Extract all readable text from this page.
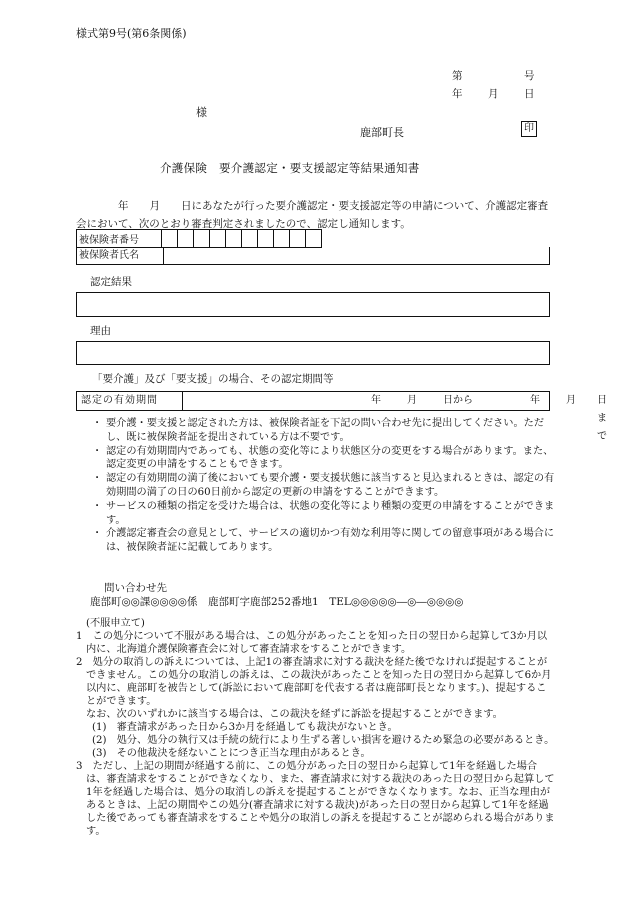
様式第9号(第6条関係)
第	号
年 月 日
様
鹿部町長	印
介護保険　要介護認定・要支援認定等結果通知書
　　　　年　　月　　日にあなたが行った要介護認定・要支援認定等の申請について、介護認定審査会において、次のとおり審査判定されましたので、認定し通知します。
被保険者番号										
被保険者氏名
認定結果
理由
「要介護」及び「要支援」の場合、その認定期間等
認定の有効期間	年	月	日から	年	月 日まで
・ 要介護・要支援と認定された方は、被保険者証を下記の問い合わせ先に提出してください。ただし、既に被保険者証を提出されている方は不要です。
・ 認定の有効期間内であっても、状態の変化等により状態区分の変更をする場合があります。また、認定変更の申請をすることもできます。
・ 認定の有効期間の満了後においても要介護・要支援状態に該当すると見込まれるときは、認定の有効期間の満了の日の60日前から認定の更新の申請をすることができます。
・ サービスの種類の指定を受けた場合は、状態の変化等により種類の変更の申請をすることができます。
・ 介護認定審査会の意見として、サービスの適切かつ有効な利用等に関しての留意事項がある場合には、被保険者証に記載してあります。
問い合わせ先
鹿部町◎◎課◎◎◎◎係　鹿部町字鹿部252番地1　TEL◎◎◎◎◎―◎―◎◎◎◎

(不服申立て)

1　この処分について不服がある場合は、この処分があったことを知った日の翌日から起算して3か月以内に、北海道介護保険審査会に対して審査請求をすることができます。

2　処分の取消しの訴えについては、上記1の審査請求に対する裁決を経た後でなければ提起することができません。この処分の取消しの訴えは、この裁決があったことを知った日の翌日から起算して6か月以内に、鹿部町を被告として(訴訟において鹿部町を代表する者は鹿部町長となります。)、提起することができます。

なお、次のいずれかに該当する場合は、この裁決を経ずに訴訟を提起することができます。

(1)　審査請求があった日から3か月を経過しても裁決がないとき。

(2)　処分、処分の執行又は手続の続行により生ずる著しい損害を避けるため緊急の必要があるとき。

(3)　その他裁決を経ないことにつき正当な理由があるとき。

3　ただし、上記の期間が経過する前に、この処分があった日の翌日から起算して1年を経過した場合は、審査請求をすることができなくなり、また、審査請求に対する裁決のあった日の翌日から起算して1年を経過した場合は、処分の取消しの訴えを提起することができなくなります。なお、正当な理由があるときは、上記の期間やこの処分(審査請求に対する裁決)があった日の翌日から起算して1年を経過した後であっても審査請求をすることや処分の取消しの訴えを提起することが認められる場合があります。
